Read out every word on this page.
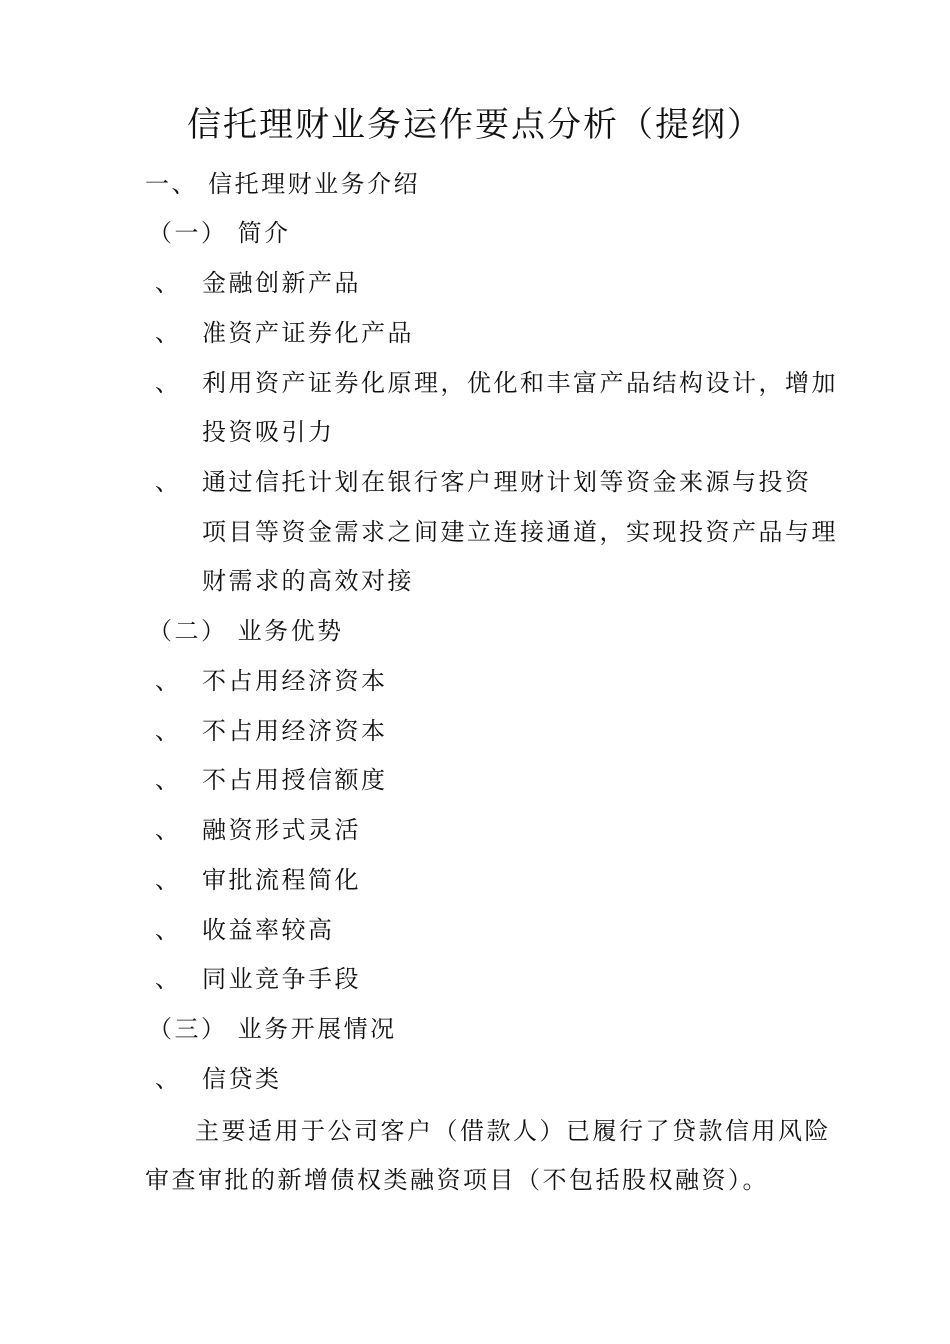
信托理财业务运作要点分析（提纲）
一、 信托理财业务介绍
（一） 简介
、 金融创新产品
、 准资产证券化产品
、 利用资产证券化原理，优化和丰富产品结构设计，增加
投资吸引力
、 通过信托计划在银行客户理财计划等资金来源与投资
项目等资金需求之间建立连接通道，实现投资产品与理
财需求的高效对接
（二） 业务优势
、 不占用经济资本
、 不占用经济资本
、 不占用授信额度
、 融资形式灵活
、 审批流程简化
、 收益率较高
、 同业竞争手段
（三） 业务开展情况
、 信贷类
主要适用于公司客户（借款人）已履行了贷款信用风险
审查审批的新增债权类融资项目（不包括股权融资）。
